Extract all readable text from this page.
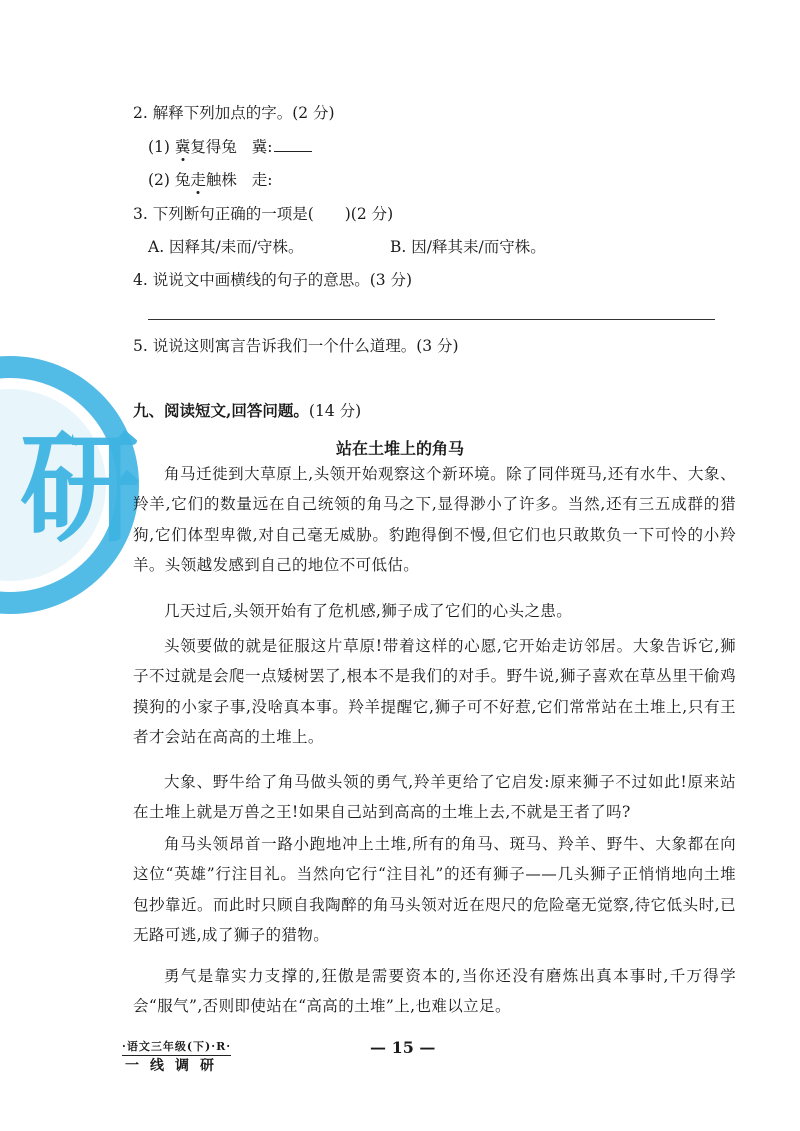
研
2. 解释下列加点的字。(2 分)
(1) 冀复得兔 冀:
(2) 兔走触株 走:
3. 下列断句正确的一项是(　　)(2 分)
A. 因释其/耒而/守株。	B. 因/释其耒/而守株。
4. 说说文中画横线的句子的意思。(3 分)
5. 说说这则寓言告诉我们一个什么道理。(3 分)
九、阅读短文,回答问题。(14 分)
站在土堆上的角马
角马迁徙到大草原上,头领开始观察这个新环境。除了同伴斑马,还有水牛、大象、羚羊,它们的数量远在自己统领的角马之下,显得渺小了许多。当然,还有三五成群的猎狗,它们体型卑微,对自己毫无威胁。豹跑得倒不慢,但它们也只敢欺负一下可怜的小羚羊。头领越发感到自己的地位不可低估。
几天过后,头领开始有了危机感,狮子成了它们的心头之患。
头领要做的就是征服这片草原!带着这样的心愿,它开始走访邻居。大象告诉它,狮子不过就是会爬一点矮树罢了,根本不是我们的对手。野牛说,狮子喜欢在草丛里干偷鸡摸狗的小家子事,没啥真本事。羚羊提醒它,狮子可不好惹,它们常常站在土堆上,只有王者才会站在高高的土堆上。
大象、野牛给了角马做头领的勇气,羚羊更给了它启发:原来狮子不过如此!原来站在土堆上就是万兽之王!如果自己站到高高的土堆上去,不就是王者了吗?
角马头领昂首一路小跑地冲上土堆,所有的角马、斑马、羚羊、野牛、大象都在向这位“英雄”行注目礼。当然向它行“注目礼”的还有狮子——几头狮子正悄悄地向土堆包抄靠近。而此时只顾自我陶醉的角马头领对近在咫尺的危险毫无觉察,待它低头时,已无路可逃,成了狮子的猎物。
勇气是靠实力支撑的,狂傲是需要资本的,当你还没有磨炼出真本事时,千万得学会“服气”,否则即使站在“高高的土堆”上,也难以立足。
·语文三年级(下)·R·
一线调研
— 15 —
